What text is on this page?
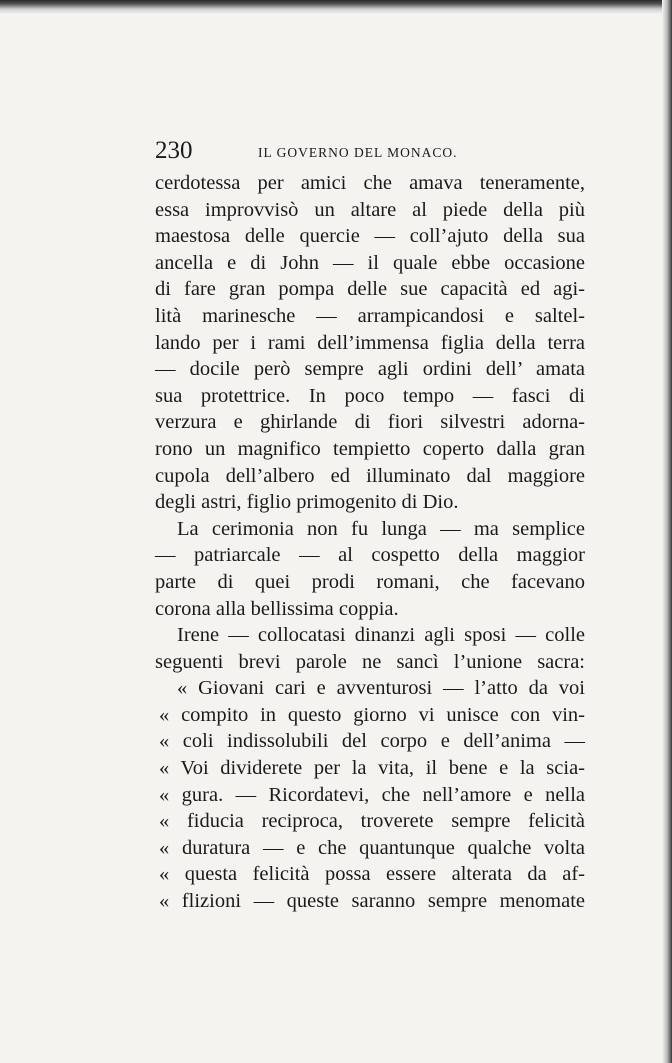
230	IL GOVERNO DEL MONACO.
cerdotessa per amici che amava teneramente,
essa improvvisò un altare al piede della più
maestosa delle quercie — coll’ajuto della sua
ancella e di John — il quale ebbe occasione
di fare gran pompa delle sue capacità ed agi-
lità marinesche — arrampicandosi e saltel-
lando per i rami dell’immensa figlia della terra
— docile però sempre agli ordini dell’ amata
sua protettrice. In poco tempo — fasci di
verzura e ghirlande di fiori silvestri adorna-
rono un magnifico tempietto coperto dalla gran
cupola dell’albero ed illuminato dal maggiore
degli astri, figlio primogenito di Dio.
La cerimonia non fu lunga — ma semplice
— patriarcale — al cospetto della maggior
parte di quei prodi romani, che facevano
corona alla bellissima coppia.
Irene — collocatasi dinanzi agli sposi — colle
seguenti brevi parole ne sancì l’unione sacra:
« Giovani cari e avventurosi — l’atto da voi
« compito in questo giorno vi unisce con vin-
« coli indissolubili del corpo e dell’anima —
« Voi dividerete per la vita, il bene e la scia-
« gura. — Ricordatevi, che nell’amore e nella
« fiducia reciproca, troverete sempre felicità
« duratura — e che quantunque qualche volta
« questa felicità possa essere alterata da af-
« flizioni — queste saranno sempre menomate
